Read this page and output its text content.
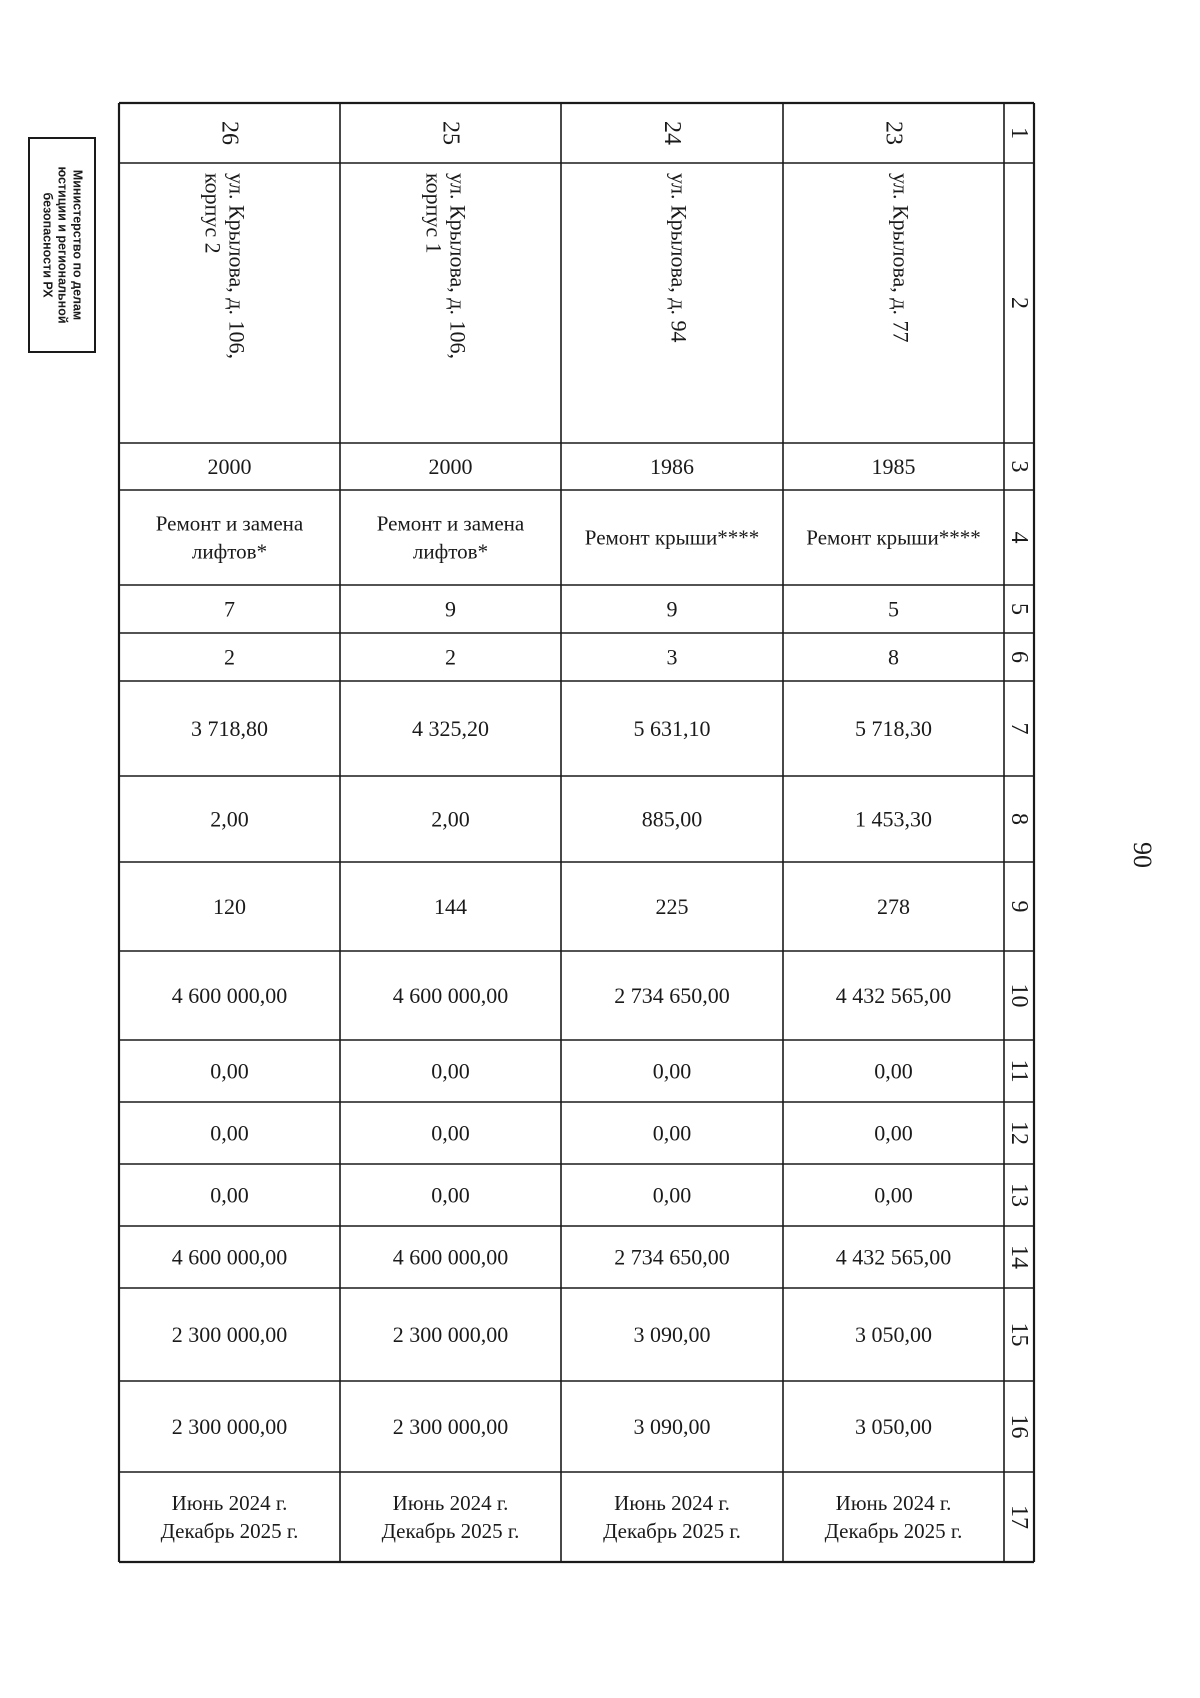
Министерство по делам
юстиции и региональной
безопасности РХ
90
1
2
3
4
5
6
7
8
9
10
11
12
13
14
15
16
17
23
ул. Крылова, д. 77
1985
Ремонт крыши****
5
8
5 718,30
1 453,30
278
4 432 565,00
0,00
0,00
0,00
4 432 565,00
3 050,00
3 050,00
Июнь 2024 г.
Декабрь 2025 г.
24
ул. Крылова, д. 94
1986
Ремонт крыши****
9
3
5 631,10
885,00
225
2 734 650,00
0,00
0,00
0,00
2 734 650,00
3 090,00
3 090,00
Июнь 2024 г.
Декабрь 2025 г.
25
ул. Крылова, д. 106,
корпус 1
2000
Ремонт и замена
лифтов*
9
2
4 325,20
2,00
144
4 600 000,00
0,00
0,00
0,00
4 600 000,00
2 300 000,00
2 300 000,00
Июнь 2024 г.
Декабрь 2025 г.
26
ул. Крылова, д. 106,
корпус 2
2000
Ремонт и замена
лифтов*
7
2
3 718,80
2,00
120
4 600 000,00
0,00
0,00
0,00
4 600 000,00
2 300 000,00
2 300 000,00
Июнь 2024 г.
Декабрь 2025 г.
